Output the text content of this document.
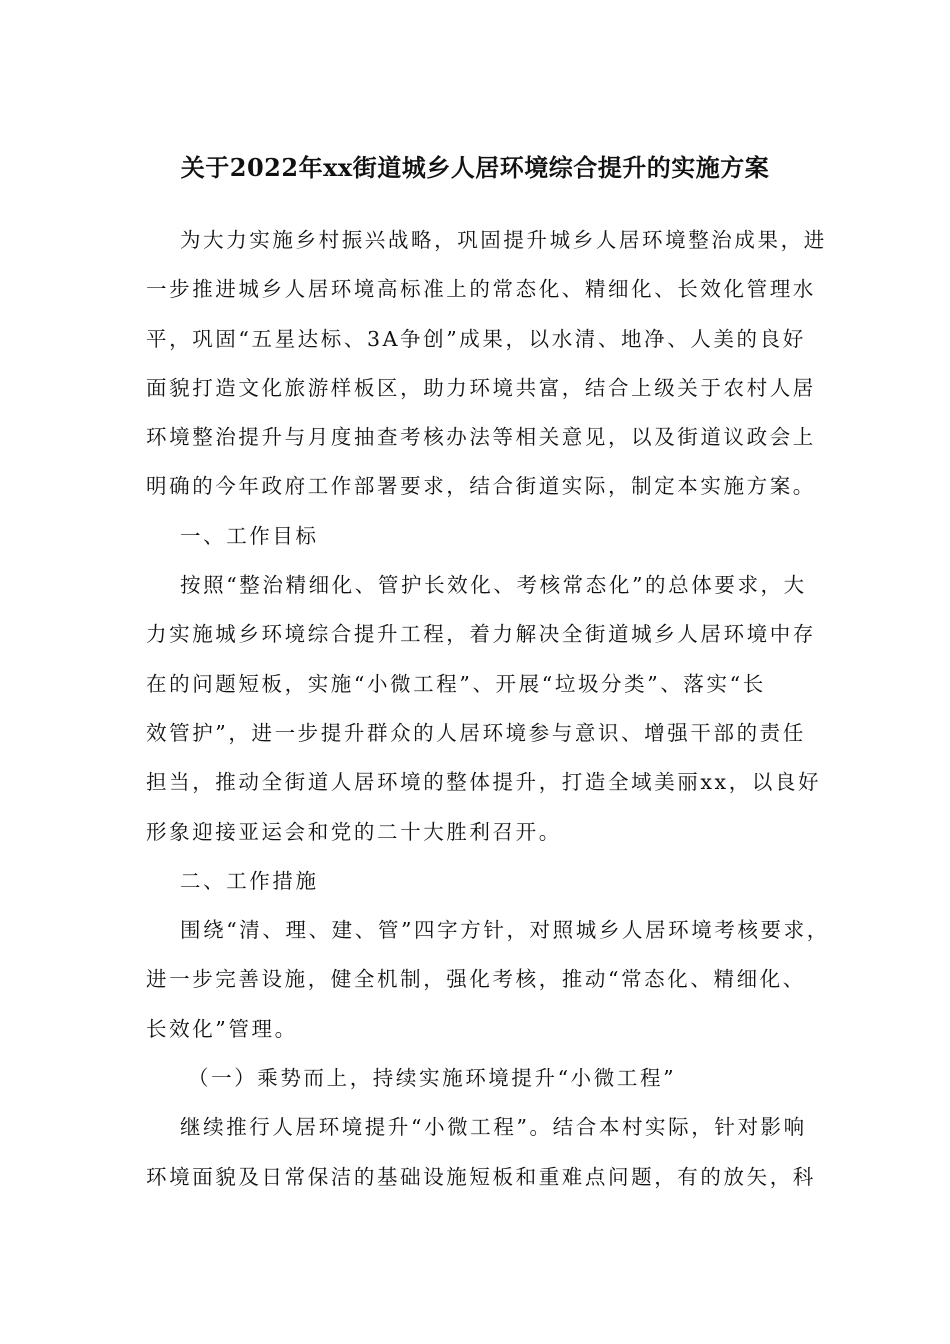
关于2022年xx街道城乡人居环境综合提升的实施方案
为大力实施乡村振兴战略，巩固提升城乡人居环境整治成果，进
一步推进城乡人居环境高标准上的常态化、精细化、长效化管理水
平，巩固“五星达标、3A争创”成果，以水清、地净、人美的良好
面貌打造文化旅游样板区，助力环境共富，结合上级关于农村人居
环境整治提升与月度抽查考核办法等相关意见，以及街道议政会上
明确的今年政府工作部署要求，结合街道实际，制定本实施方案。
一、工作目标
按照“整治精细化、管护长效化、考核常态化”的总体要求，大
力实施城乡环境综合提升工程，着力解决全街道城乡人居环境中存
在的问题短板，实施“小微工程”、开展“垃圾分类”、落实“长
效管护”，进一步提升群众的人居环境参与意识、增强干部的责任
担当，推动全街道人居环境的整体提升，打造全域美丽xx，以良好
形象迎接亚运会和党的二十大胜利召开。
二、工作措施
围绕“清、理、建、管”四字方针，对照城乡人居环境考核要求，
进一步完善设施，健全机制，强化考核，推动“常态化、精细化、
长效化”管理。
（一）乘势而上，持续实施环境提升“小微工程”
继续推行人居环境提升“小微工程”。结合本村实际，针对影响
环境面貌及日常保洁的基础设施短板和重难点问题，有的放矢，科
